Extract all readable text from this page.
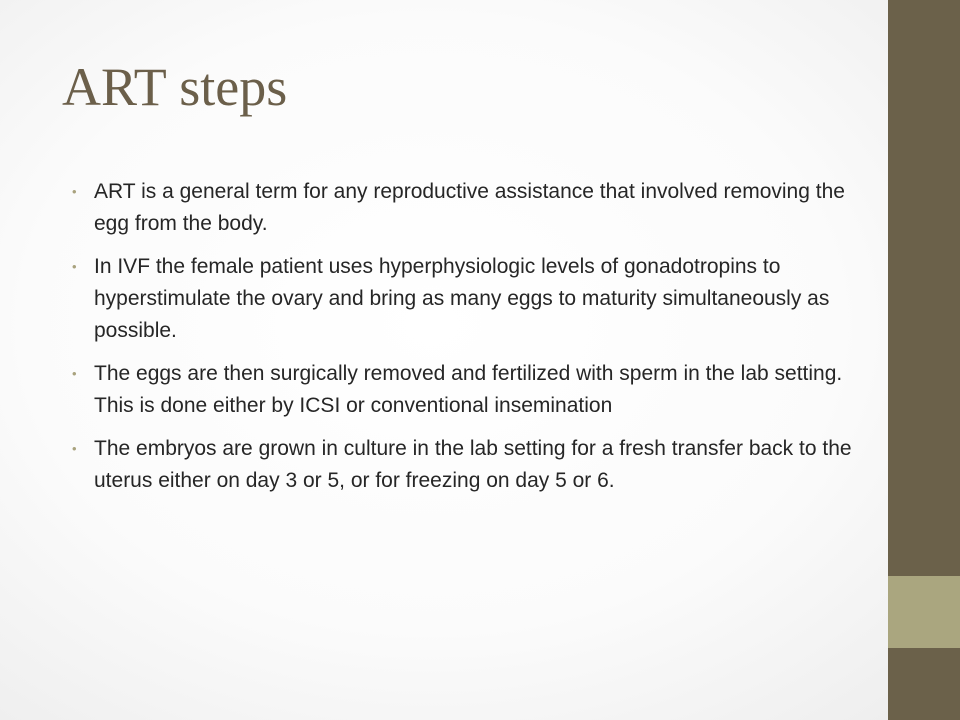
ART steps
• ART is a general term for any reproductive assistance that involved removing the egg from the body.
• In IVF the female patient uses hyperphysiologic levels of gonadotropins to hyperstimulate the ovary and bring as many eggs to maturity simultaneously as possible.
• The eggs are then surgically removed and fertilized with sperm in the lab setting. This is done either by ICSI or conventional insemination
• The embryos are grown in culture in the lab setting for a fresh transfer back to the uterus either on day 3 or 5, or for freezing on day 5 or 6.
